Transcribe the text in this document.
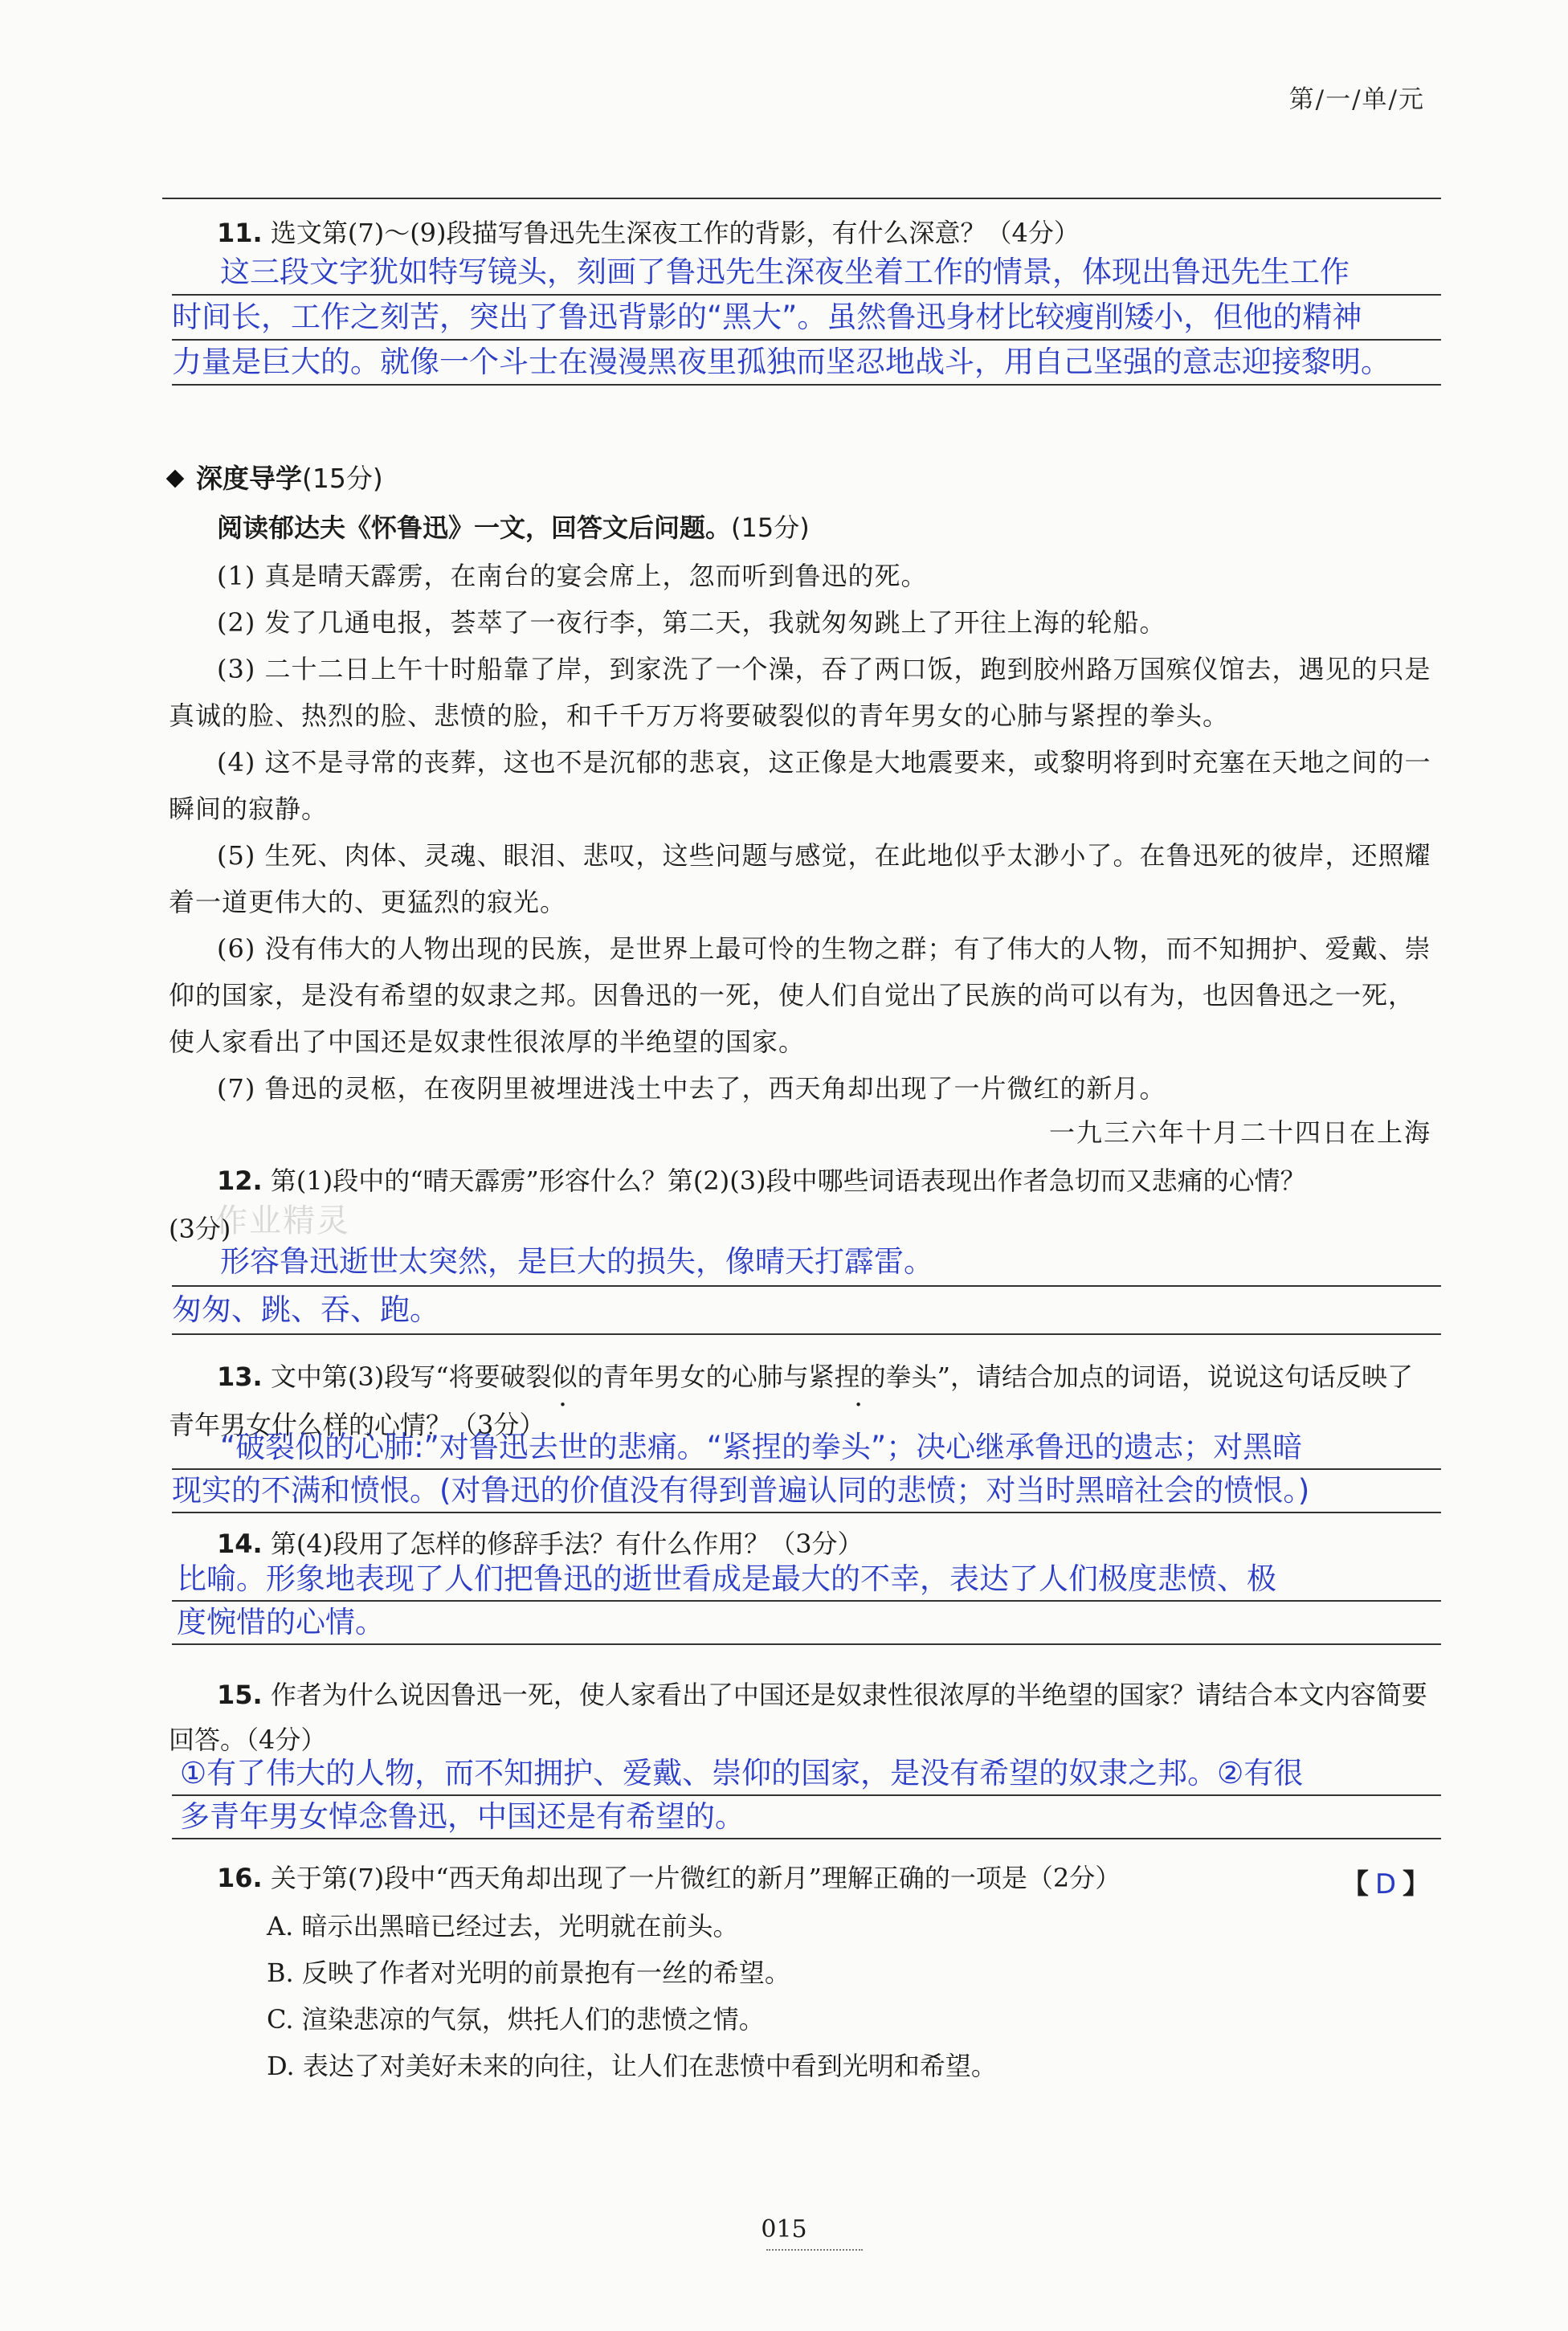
第/一/单/元
11. 选文第(7)～(9)段描写鲁迅先生深夜工作的背影，有什么深意？（4分）
这三段文字犹如特写镜头，刻画了鲁迅先生深夜坐着工作的情景，体现出鲁迅先生工作
时间长，工作之刻苦，突出了鲁迅背影的“黑大”。虽然鲁迅身材比较瘦削矮小，但他的精神
力量是巨大的。就像一个斗士在漫漫黑夜里孤独而坚忍地战斗，用自己坚强的意志迎接黎明。
深度导学(15分)
阅读郁达夫《怀鲁迅》一文，回答文后问题。(15分)
(1) 真是晴天霹雳，在南台的宴会席上，忽而听到鲁迅的死。
(2) 发了几通电报，荟萃了一夜行李，第二天，我就匆匆跳上了开往上海的轮船。
(3) 二十二日上午十时船靠了岸，到家洗了一个澡，吞了两口饭，跑到胶州路万国殡仪馆去，遇见的只是真诚的脸、热烈的脸、悲愤的脸，和千千万万将要破裂似的青年男女的心肺与紧捏的拳头。
(4) 这不是寻常的丧葬，这也不是沉郁的悲哀，这正像是大地震要来，或黎明将到时充塞在天地之间的一瞬间的寂静。
(5) 生死、肉体、灵魂、眼泪、悲叹，这些问题与感觉，在此地似乎太渺小了。在鲁迅死的彼岸，还照耀着一道更伟大的、更猛烈的寂光。
(6) 没有伟大的人物出现的民族，是世界上最可怜的生物之群；有了伟大的人物，而不知拥护、爱戴、崇仰的国家，是没有希望的奴隶之邦。因鲁迅的一死，使人们自觉出了民族的尚可以有为，也因鲁迅之一死，使人家看出了中国还是奴隶性很浓厚的半绝望的国家。
(7) 鲁迅的灵柩，在夜阴里被埋进浅土中去了，西天角却出现了一片微红的新月。
一九三六年十月二十四日在上海
12. 第(1)段中的“晴天霹雳”形容什么？第(2)(3)段中哪些词语表现出作者急切而又悲痛的心情？
(3分)
作业精灵
形容鲁迅逝世太突然，是巨大的损失，像晴天打霹雷。
匆匆、跳、吞、跑。
13. 文中第(3)段写“将要破裂似的青年男女的心肺与紧捏的拳头”，请结合加点的词语，说说这句话反映了青年男女什么样的心情？（3分）
“破裂似的心肺:”对鲁迅去世的悲痛。“紧捏的拳头”；决心继承鲁迅的遗志；对黑暗
现实的不满和愤恨。(对鲁迅的价值没有得到普遍认同的悲愤；对当时黑暗社会的愤恨。)
14. 第(4)段用了怎样的修辞手法？有什么作用？（3分）
比喻。形象地表现了人们把鲁迅的逝世看成是最大的不幸，表达了人们极度悲愤、极
度惋惜的心情。
15. 作者为什么说因鲁迅一死，使人家看出了中国还是奴隶性很浓厚的半绝望的国家？请结合本文内容简要回答。（4分）
①有了伟大的人物，而不知拥护、爱戴、崇仰的国家，是没有希望的奴隶之邦。②有很
多青年男女悼念鲁迅，中国还是有希望的。
16. 关于第(7)段中“西天角却出现了一片微红的新月”理解正确的一项是（2分）	【 D 】
A. 暗示出黑暗已经过去，光明就在前头。
B. 反映了作者对光明的前景抱有一丝的希望。
C. 渲染悲凉的气氛，烘托人们的悲愤之情。
D. 表达了对美好未来的向往，让人们在悲愤中看到光明和希望。
015
